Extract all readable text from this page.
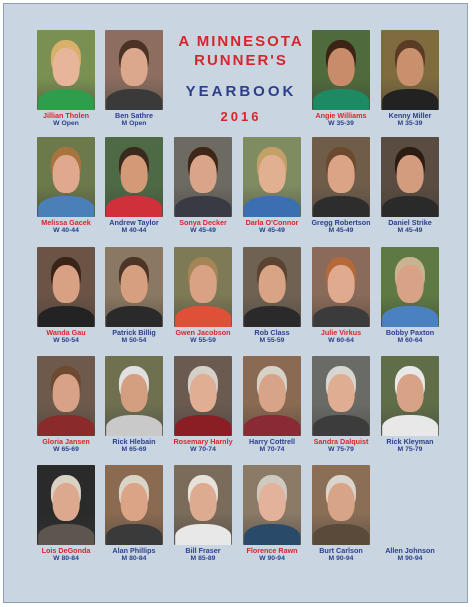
A MINNESOTA
RUNNER'S
YEARBOOK
2016
Jillian Tholen
W Open
Ben Sathre
M Open
Angie Williams
W 35-39
Kenny Miller
M 35-39
Melissa Gacek
W 40-44
Andrew Taylor
M 40-44
Sonya Decker
W 45-49
Darla O'Connor
W 45-49
Gregg Robertson
M 45-49
Daniel Strike
M 45-49
Wanda Gau
W 50-54
Patrick Billig
M 50-54
Gwen Jacobson
W 55-59
Rob Class
M 55-59
Julie Virkus
W 60-64
Bobby Paxton
M 60-64
Gloria Jansen
W 65-69
Rick Hlebain
M 65-69
Rosemary Harnly
W 70-74
Harry Cottrell
M 70-74
Sandra Dalquist
W 75-79
Rick Kleyman
M 75-79
Lois DeGonda
W 80-84
Alan Phillips
M 80-84
Bill Fraser
M 85-89
Florence Rawn
W 90-94
Burt Carlson
M 90-94
Allen Johnson
M 90-94
